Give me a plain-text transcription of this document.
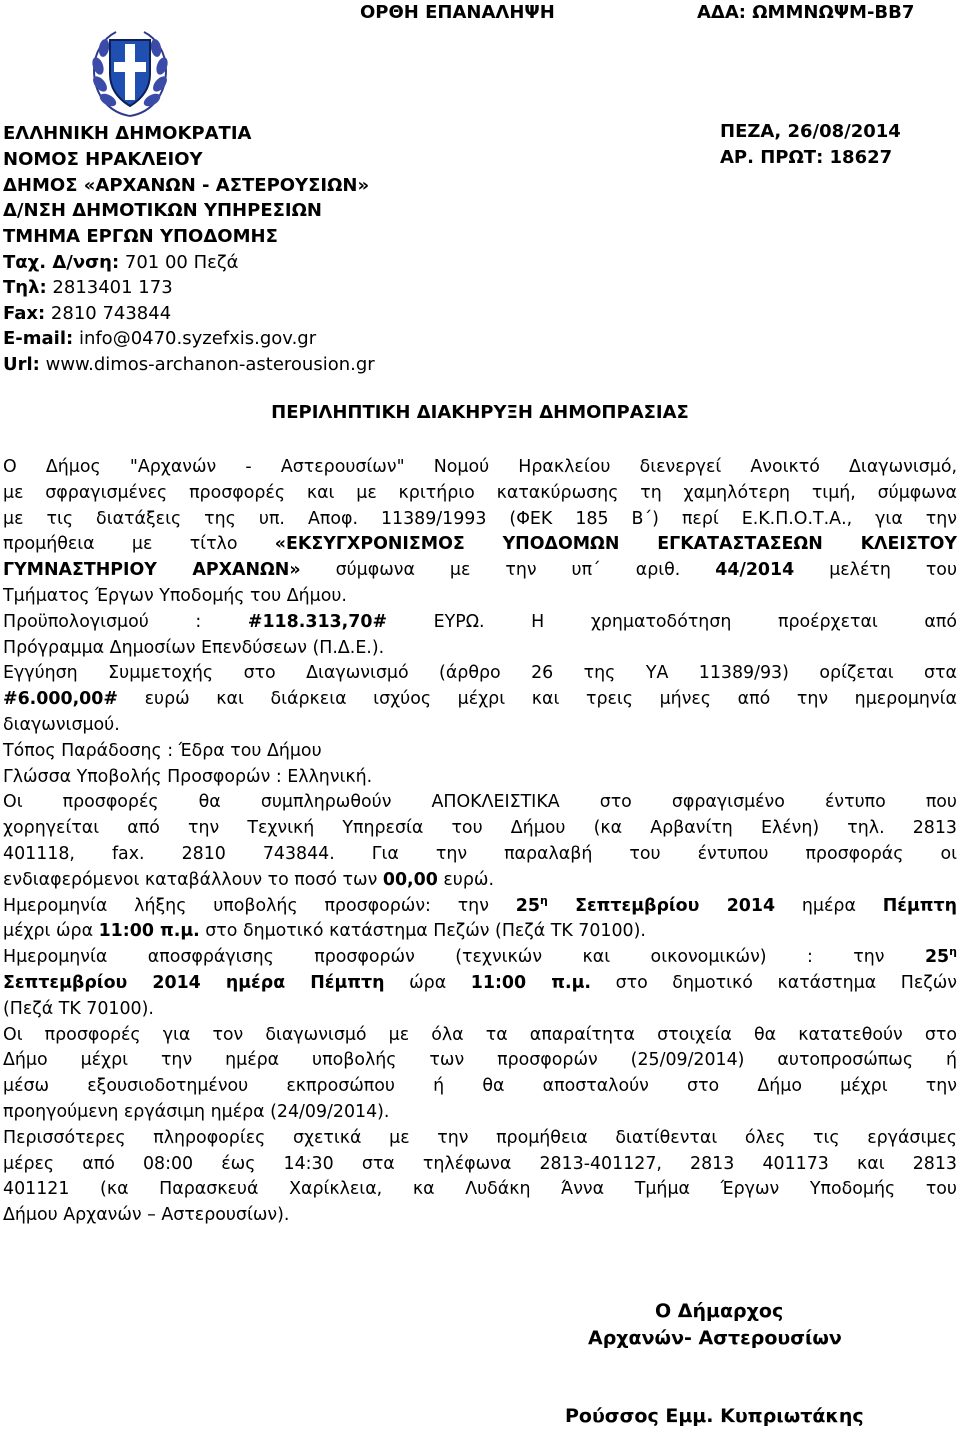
ΟΡΘΗ ΕΠΑΝΑΛΗΨΗ	ΑΔΑ: ΩΜΜΝΩΨΜ-ΒΒ7
ΕΛΛΗΝΙΚΗ ΔΗΜΟΚΡΑΤΙΑ
ΝΟΜΟΣ ΗΡΑΚΛΕΙΟΥ
ΔΗΜΟΣ «ΑΡΧΑΝΩΝ - ΑΣΤΕΡΟΥΣΙΩΝ»
Δ/ΝΣΗ ΔΗΜΟΤΙΚΩΝ ΥΠΗΡΕΣΙΩΝ
ΤΜΗΜΑ ΕΡΓΩΝ ΥΠΟΔΟΜΗΣ
Ταχ. Δ/νση: 701 00 Πεζά
Τηλ: 2813401 173
Fax: 2810 743844
E-mail: info@0470.syzefxis.gov.gr
Url: www.dimos-archanon-asterousion.gr
ΠΕΖΑ, 26/08/2014
ΑΡ. ΠΡΩΤ: 18627
ΠΕΡΙΛΗΠΤΙΚΗ ΔΙΑΚΗΡΥΞΗ ΔΗΜΟΠΡΑΣΙΑΣ
Ο Δήμος "Αρχανών - Αστερουσίων" Νομού Ηρακλείου διενεργεί Ανοικτό Διαγωνισμό,
με σφραγισμένες προσφορές και με κριτήριο κατακύρωσης τη χαμηλότερη τιμή, σύμφωνα
με τις διατάξεις της υπ. Αποφ. 11389/1993 (ΦΕΚ 185 Β΄) περί Ε.Κ.Π.Ο.Τ.Α., για την
προμήθεια με τίτλο «ΕΚΣΥΓΧΡΟΝΙΣΜΟΣ ΥΠΟΔΟΜΩΝ ΕΓΚΑΤΑΣΤΑΣΕΩΝ ΚΛΕΙΣΤΟΥ
ΓΥΜΝΑΣΤΗΡΙΟΥ ΑΡΧΑΝΩΝ» σύμφωνα με την υπ΄ αριθ. 44/2014 μελέτη του
Τμήματος Έργων Υποδομής του Δήμου.
Προϋπολογισμού : #118.313,70# ΕΥΡΩ. Η χρηματοδότηση προέρχεται από
Πρόγραμμα Δημοσίων Επενδύσεων (Π.Δ.Ε.).
Εγγύηση Συμμετοχής στο Διαγωνισμό (άρθρο 26 της ΥΑ 11389/93) ορίζεται στα
#6.000,00# ευρώ και διάρκεια ισχύος μέχρι και τρεις μήνες από την ημερομηνία
διαγωνισμού.
Τόπος Παράδοσης : Έδρα του Δήμου
Γλώσσα Υποβολής Προσφορών : Ελληνική.
Οι προσφορές θα συμπληρωθούν ΑΠΟΚΛΕΙΣΤΙΚΑ στο σφραγισμένο έντυπο που
χορηγείται από την Τεχνική Υπηρεσία του Δήμου (κα Αρβανίτη Ελένη) τηλ. 2813
401118, fax. 2810 743844. Για την παραλαβή του έντυπου προσφοράς οι
ενδιαφερόμενοι καταβάλλουν το ποσό των 00,00 ευρώ.
Ημερομηνία λήξης υποβολής προσφορών: την $25^\eta$ Σεπτεμβρίου 2014 ημέρα Πέμπτη
μέχρι ώρα 11:00 π.μ. στο δημοτικό κατάστημα Πεζών (Πεζά ΤΚ 70100).
Ημερομηνία αποσφράγισης προσφορών (τεχνικών και οικονομικών) : την $25^\eta$
Σεπτεμβρίου 2014 ημέρα Πέμπτη ώρα 11:00 π.μ. στο δημοτικό κατάστημα Πεζών
(Πεζά ΤΚ 70100).
Οι προσφορές για τον διαγωνισμό με όλα τα απαραίτητα στοιχεία θα κατατεθούν στο
Δήμο μέχρι την ημέρα υποβολής των προσφορών (25/09/2014) αυτοπροσώπως ή
μέσω εξουσιοδοτημένου εκπροσώπου ή θα αποσταλούν στο Δήμο μέχρι την
προηγούμενη εργάσιμη ημέρα (24/09/2014).
Περισσότερες πληροφορίες σχετικά με την προμήθεια διατίθενται όλες τις εργάσιμες
μέρες από 08:00 έως 14:30 στα τηλέφωνα 2813-401127, 2813 401173 και 2813
401121 (κα Παρασκευά Χαρίκλεια, κα Λυδάκη Άννα Τμήμα Έργων Υποδομής του
Δήμου Αρχανών – Αστερουσίων).
Ο Δήμαρχος
Αρχανών- Αστερουσίων
Ρούσσος Εμμ. Κυπριωτάκης
